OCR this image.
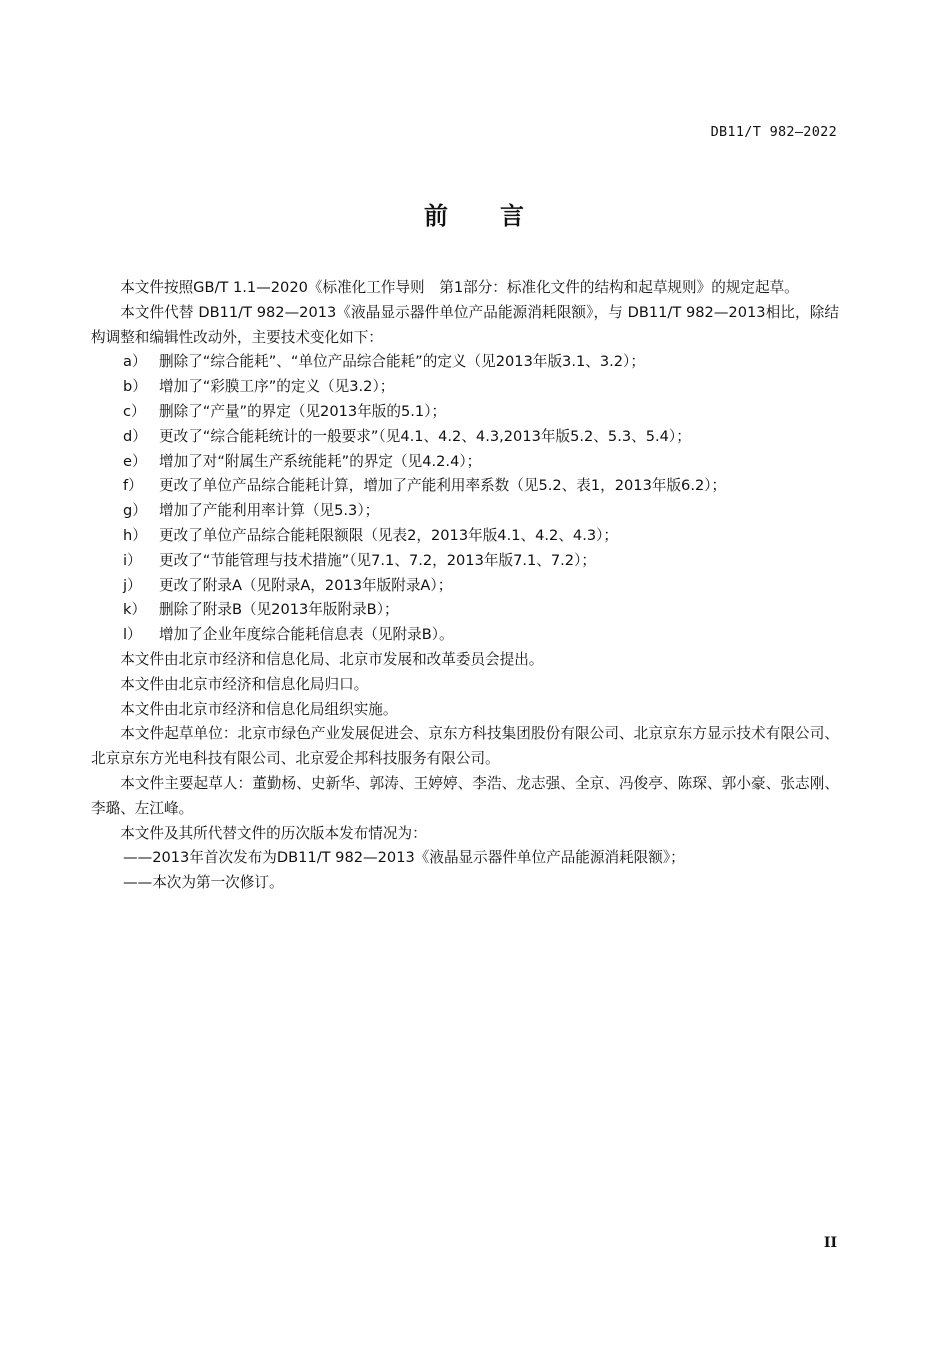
DB11/T 982—2022
前 言

本文件按照GB/T 1.1—2020《标准化工作导则　第1部分：标准化文件的结构和起草规则》的规定起草。

本文件代替 DB11/T 982—2013《液晶显示器件单位产品能源消耗限额》，与 DB11/T 982—2013相比，除结构调整和编辑性改动外，主要技术变化如下：

a） 删除了“综合能耗”、“单位产品综合能耗”的定义（见2013年版3.1、3.2）；

b） 增加了“彩膜工序”的定义（见3.2）；

c） 删除了“产量”的界定（见2013年版的5.1）；

d） 更改了“综合能耗统计的一般要求”（见4.1、4.2、4.3,2013年版5.2、5.3、5.4）；

e） 增加了对“附属生产系统能耗”的界定（见4.2.4）；

f） 更改了单位产品综合能耗计算，增加了产能利用率系数（见5.2、表1，2013年版6.2）；

g） 增加了产能利用率计算（见5.3）；

h） 更改了单位产品综合能耗限额限（见表2，2013年版4.1、4.2、4.3）；

i） 更改了“节能管理与技术措施”（见7.1、7.2，2013年版7.1、7.2）；

j） 更改了附录A（见附录A，2013年版附录A）；

k） 删除了附录B（见2013年版附录B）；

l） 增加了企业年度综合能耗信息表（见附录B）。

本文件由北京市经济和信息化局、北京市发展和改革委员会提出。

本文件由北京市经济和信息化局归口。

本文件由北京市经济和信息化局组织实施。

本文件起草单位：北京市绿色产业发展促进会、京东方科技集团股份有限公司、北京京东方显示技术有限公司、北京京东方光电科技有限公司、北京爱企邦科技服务有限公司。

本文件主要起草人：董勤杨、史新华、郭涛、王婷婷、李浩、龙志强、全京、冯俊亭、陈琛、郭小豪、张志刚、李璐、左江峰。

本文件及其所代替文件的历次版本发布情况为：

——2013年首次发布为DB11/T 982—2013《液晶显示器件单位产品能源消耗限额》；

——本次为第一次修订。

II
